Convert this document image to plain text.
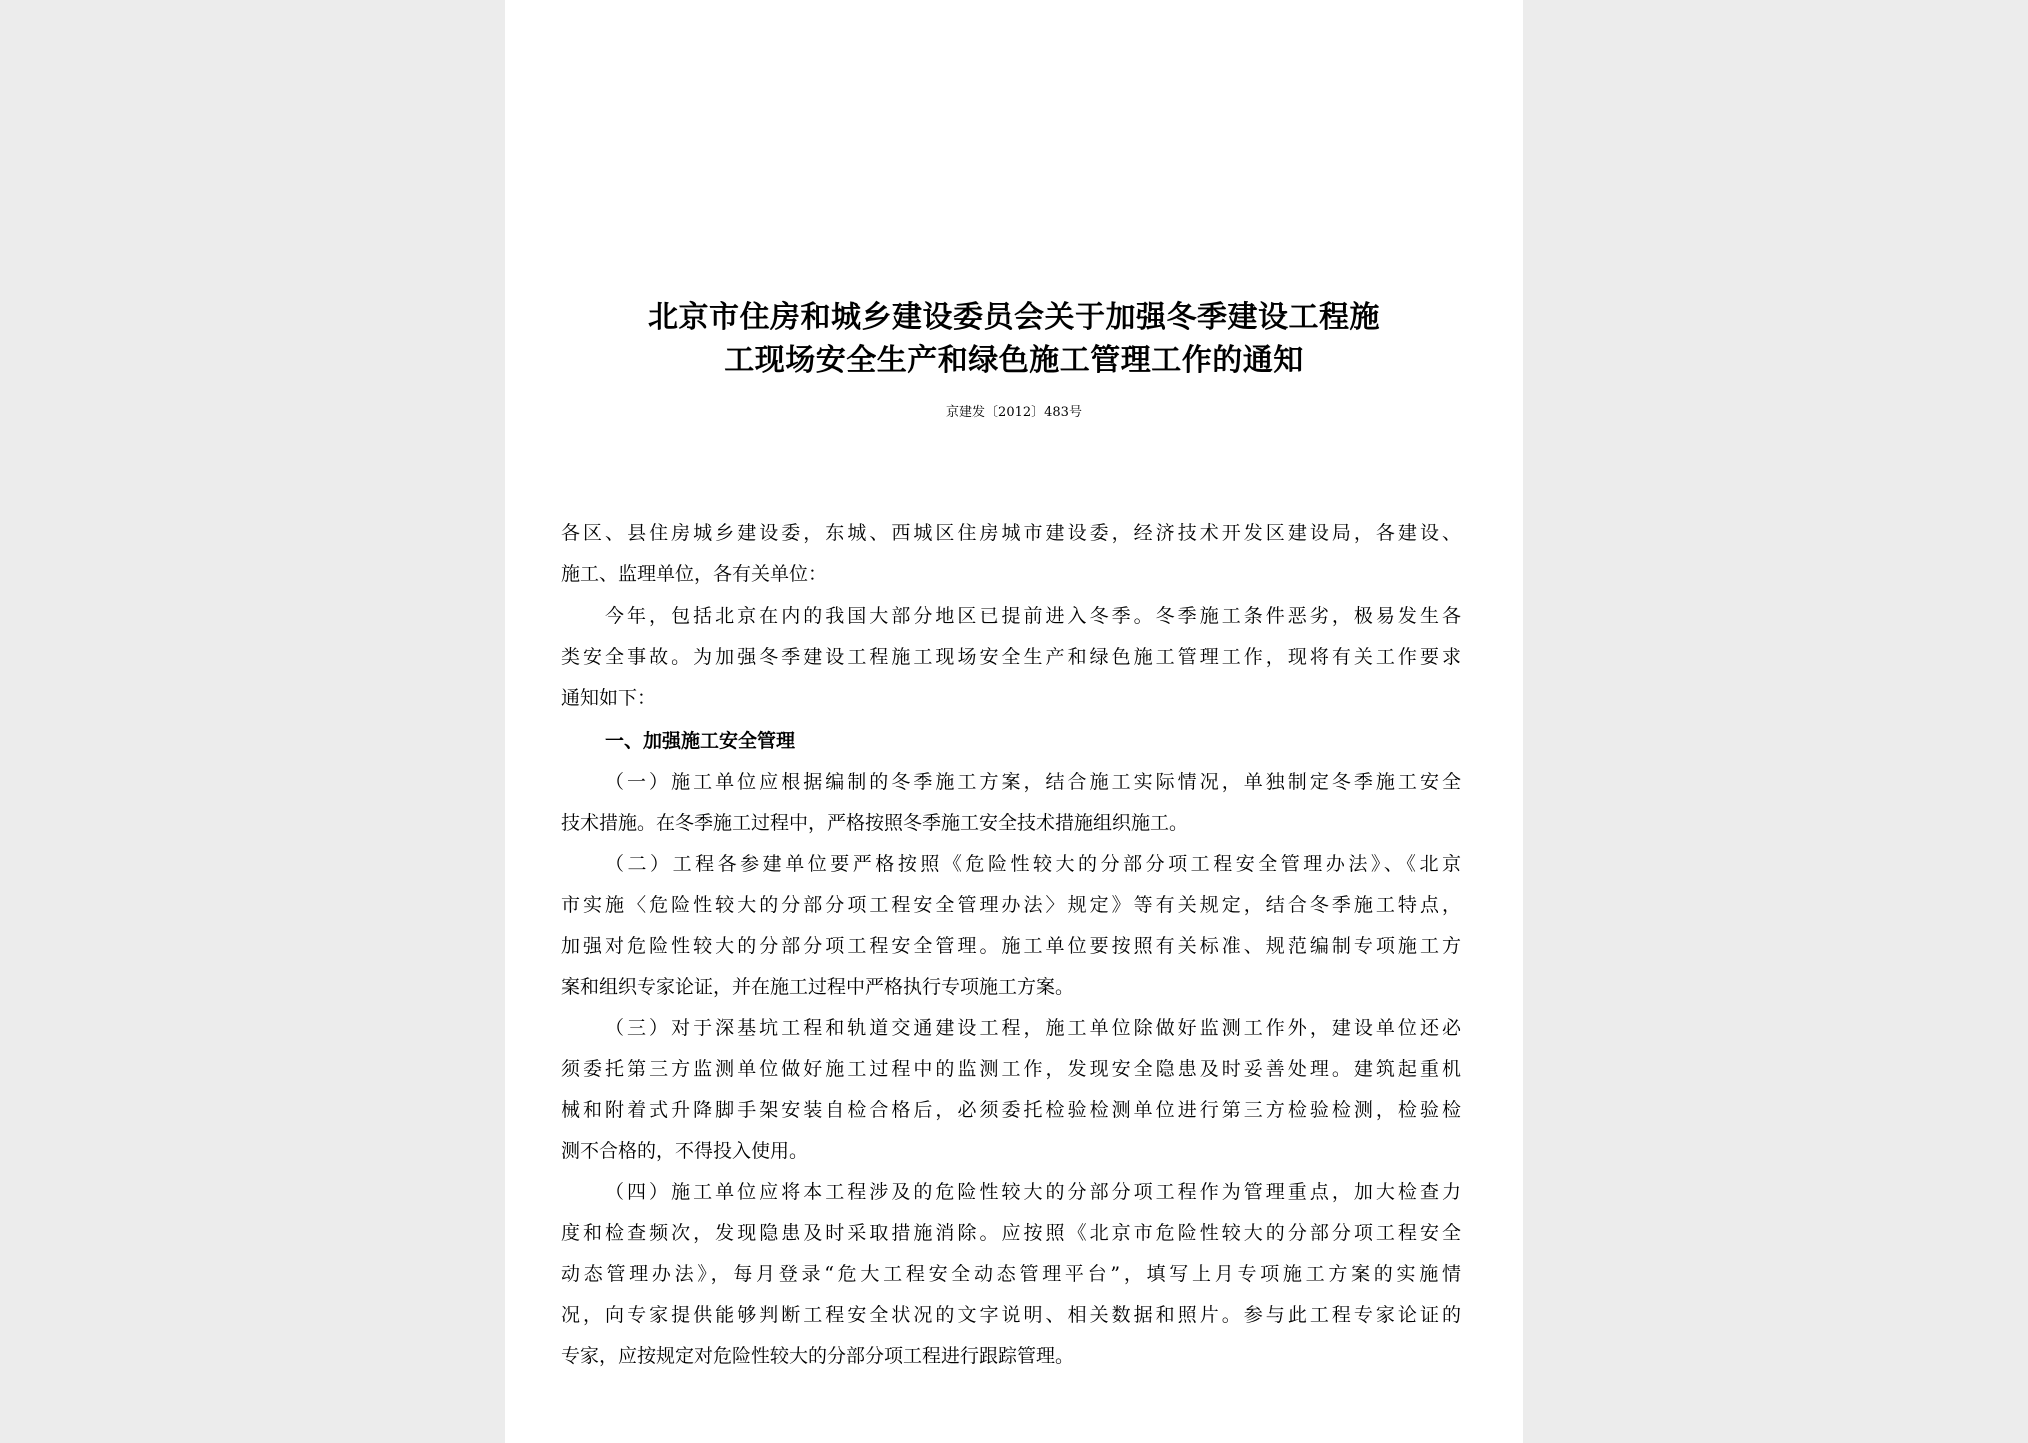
北京市住房和城乡建设委员会关于加强冬季建设工程施
工现场安全生产和绿色施工管理工作的通知
京建发〔2012〕483号
各区、县住房城乡建设委，东城、西城区住房城市建设委，经济技术开发区建设局，各建设、
施工、监理单位，各有关单位：
今年，包括北京在内的我国大部分地区已提前进入冬季。冬季施工条件恶劣，极易发生各
类安全事故。为加强冬季建设工程施工现场安全生产和绿色施工管理工作，现将有关工作要求
通知如下：
一、加强施工安全管理
（一）施工单位应根据编制的冬季施工方案，结合施工实际情况，单独制定冬季施工安全
技术措施。在冬季施工过程中，严格按照冬季施工安全技术措施组织施工。
（二）工程各参建单位要严格按照《危险性较大的分部分项工程安全管理办法》、《北京
市实施〈危险性较大的分部分项工程安全管理办法〉规定》等有关规定，结合冬季施工特点，
加强对危险性较大的分部分项工程安全管理。施工单位要按照有关标准、规范编制专项施工方
案和组织专家论证，并在施工过程中严格执行专项施工方案。
（三）对于深基坑工程和轨道交通建设工程，施工单位除做好监测工作外，建设单位还必
须委托第三方监测单位做好施工过程中的监测工作，发现安全隐患及时妥善处理。建筑起重机
械和附着式升降脚手架安装自检合格后，必须委托检验检测单位进行第三方检验检测，检验检
测不合格的，不得投入使用。
（四）施工单位应将本工程涉及的危险性较大的分部分项工程作为管理重点，加大检查力
度和检查频次，发现隐患及时采取措施消除。应按照《北京市危险性较大的分部分项工程安全
动态管理办法》，每月登录“危大工程安全动态管理平台”，填写上月专项施工方案的实施情
况，向专家提供能够判断工程安全状况的文字说明、相关数据和照片。参与此工程专家论证的
专家，应按规定对危险性较大的分部分项工程进行跟踪管理。
